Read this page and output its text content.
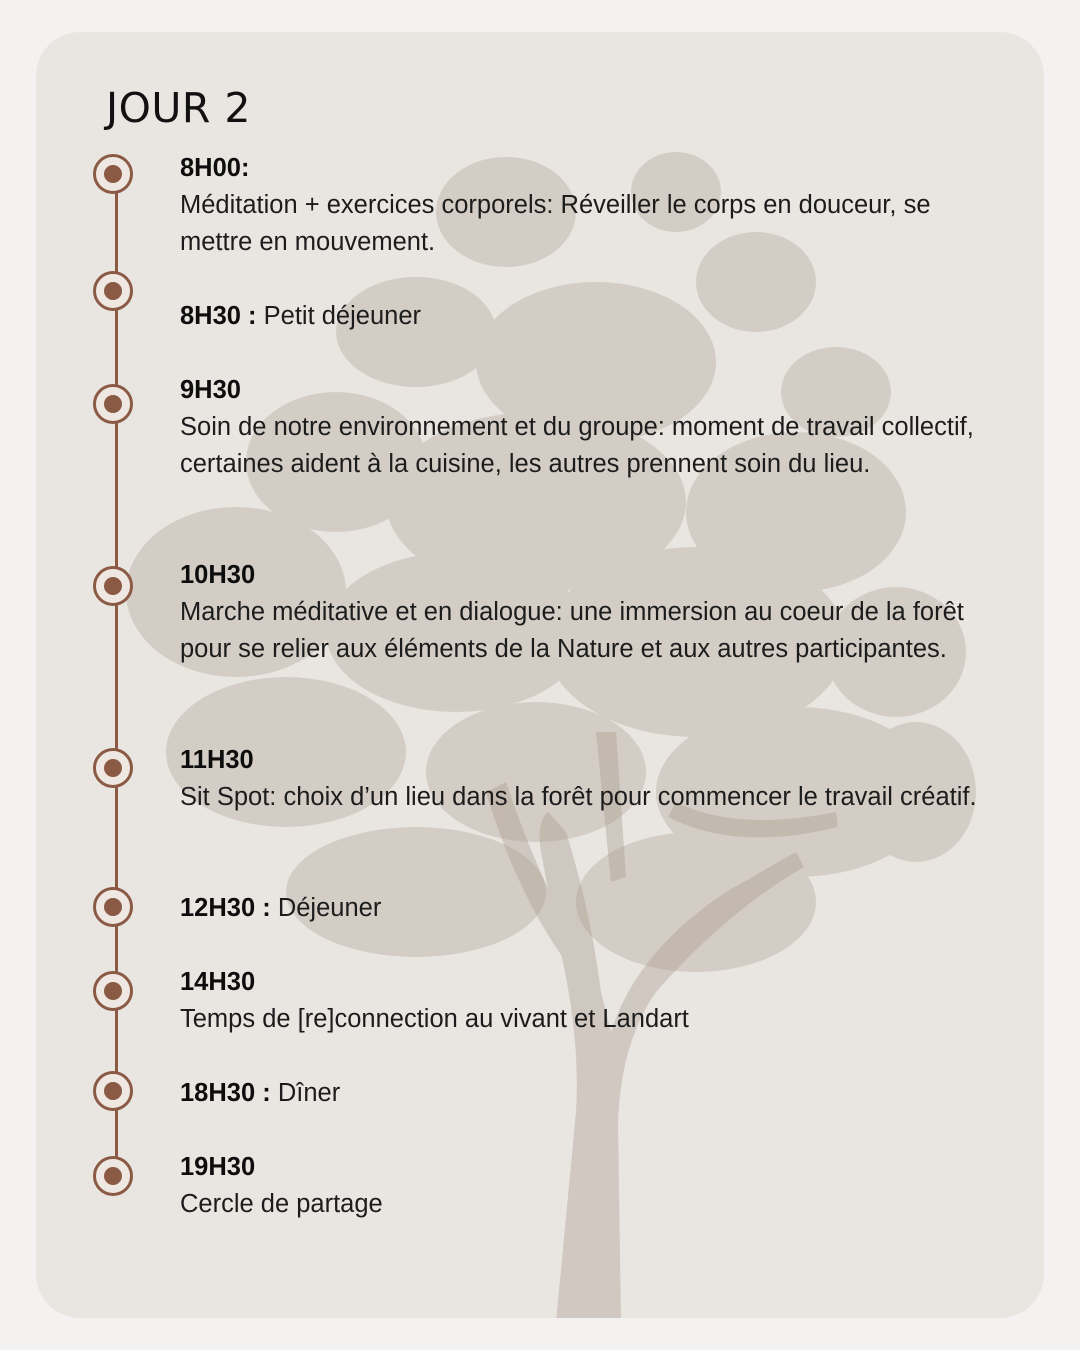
JOUR 2
8H00:
Méditation + exercices corporels: Réveiller le corps en douceur, se mettre en mouvement.
8H30 : Petit déjeuner
9H30
Soin de notre environnement et du groupe: moment de travail collectif, certaines aident à la cuisine, les autres prennent soin du lieu.
10H30
Marche méditative et en dialogue: une immersion au coeur de la forêt pour se relier aux éléments de la Nature et aux autres participantes.
11H30
Sit Spot: choix d’un lieu dans la forêt pour commencer le travail créatif.
12H30 : Déjeuner
14H30
Temps de [re]connection au vivant et Landart
18H30 : Dîner
19H30
Cercle de partage
